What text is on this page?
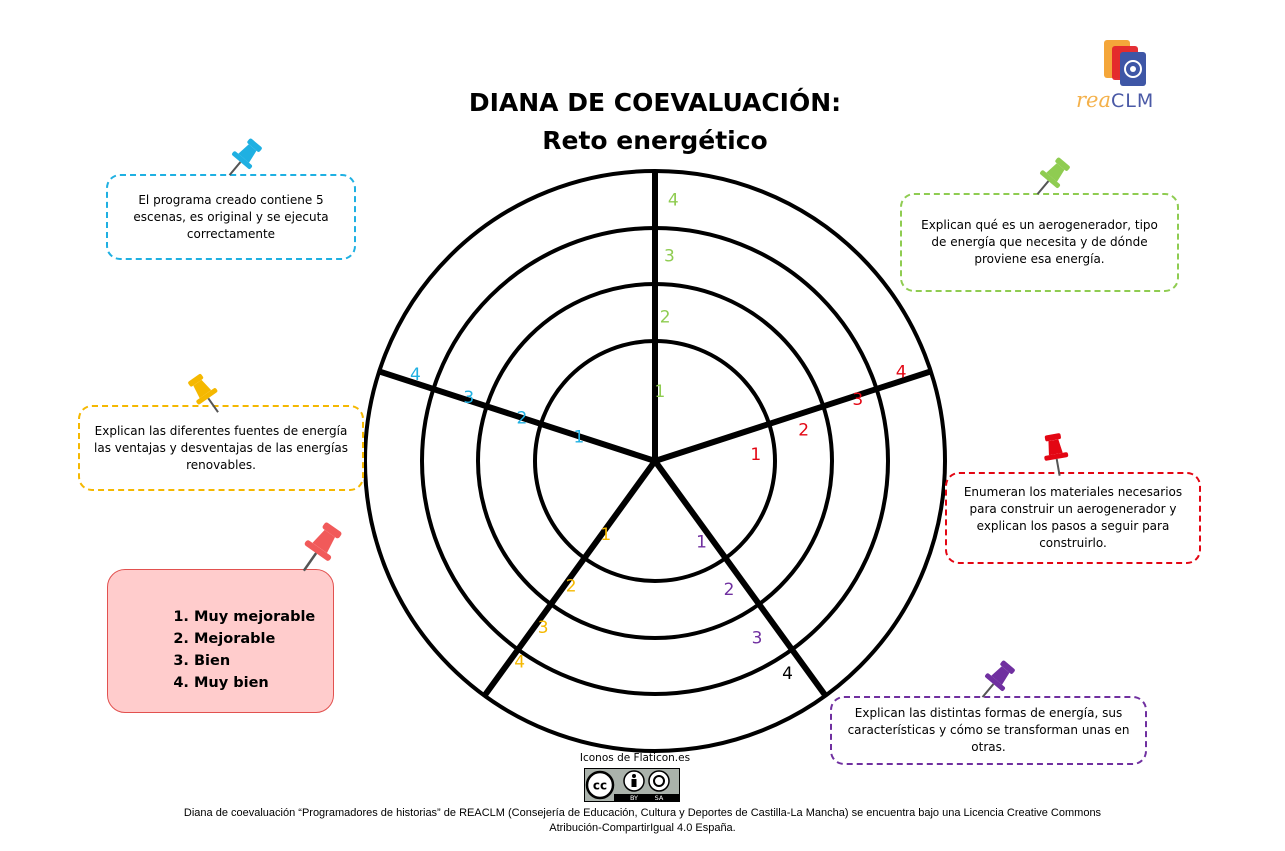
DIANA DE COEVALUACIÓN:
Reto energético
reaCLM
1
2
3
4
1
2
3
4
1
2
3
4
1
2
3
4
1
2
3
4
El programa creado contiene 5 escenas, es original y se ejecuta correctamente
Explican qué es un aerogenerador, tipo de energía que necesita y de dónde proviene esa energía.
Enumeran los materiales necesarios para construir un aerogenerador y explican los pasos a seguir para construirlo.
Explican las distintas formas de energía, sus características y cómo se transforman unas en otras.
Explican las diferentes fuentes de energía las ventajas y desventajas de las energías renovables.
1. Muy mejorable
2. Mejorable
3. Bien
4. Muy bien
Iconos de Flaticon.es
cc
BY	SA
Diana de coevaluación “Programadores de historias” de REACLM (Consejería de Educación, Cultura y Deportes de Castilla-La Mancha) se encuentra bajo una Licencia Creative Commons
Atribución-CompartirIgual 4.0 España.
